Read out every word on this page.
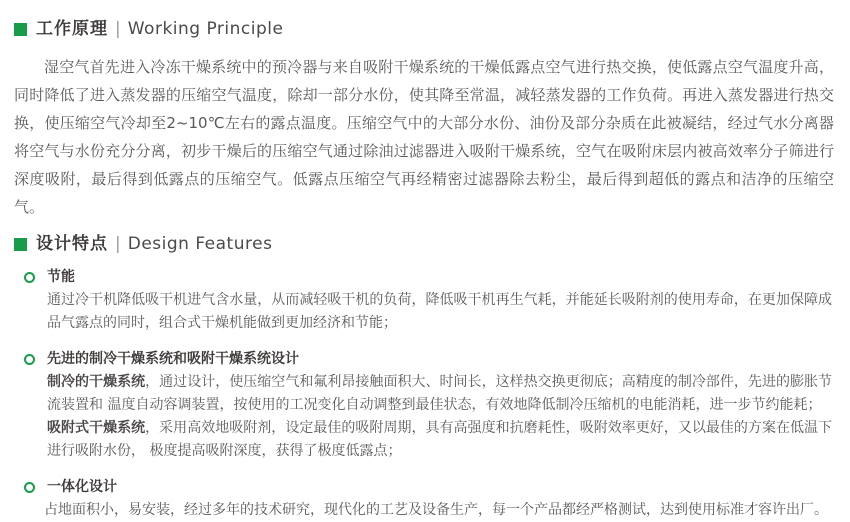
工作原理 | Working Principle

湿空气首先进入冷冻干燥系统中的预冷器与来自吸附干燥系统的干燥低露点空气进行热交换，使低露点空气温度升高，同时降低了进入蒸发器的压缩空气温度，除却一部分水份，使其降至常温，减轻蒸发器的工作负荷。再进入蒸发器进行热交换，使压缩空气冷却至2~10℃左右的露点温度。压缩空气中的大部分水份、油份及部分杂质在此被凝结，经过气水分离器将空气与水份充分分离，初步干燥后的压缩空气通过除油过滤器进入吸附干燥系统，空气在吸附床层内被高效率分子筛进行深度吸附，最后得到低露点的压缩空气。低露点压缩空气再经精密过滤器除去粉尘，最后得到超低的露点和洁净的压缩空气。

设计特点 | Design Features
节能

通过冷干机降低吸干机进气含水量，从而减轻吸干机的负荷，降低吸干机再生气耗，并能延长吸附剂的使用寿命，在更加保障成品气露点的同时，组合式干燥机能做到更加经济和节能；

先进的制冷干燥系统和吸附干燥系统设计

制冷的干燥系统，通过设计，使压缩空气和氟利昂接触面积大、时间长，这样热交换更彻底；高精度的制冷部件，先进的膨胀节流装置和 温度自动容调装置，按使用的工况变化自动调整到最佳状态，有效地降低制冷压缩机的电能消耗，进一步节约能耗；

吸附式干燥系统，采用高效地吸附剂，设定最佳的吸附周期，具有高强度和抗磨耗性，吸附效率更好，又以最佳的方案在低温下进行吸附水份， 极度提高吸附深度，获得了极度低露点；

一体化设计

占地面积小，易安装，经过多年的技术研究，现代化的工艺及设备生产，每一个产品都经严格测试，达到使用标准才容许出厂。
